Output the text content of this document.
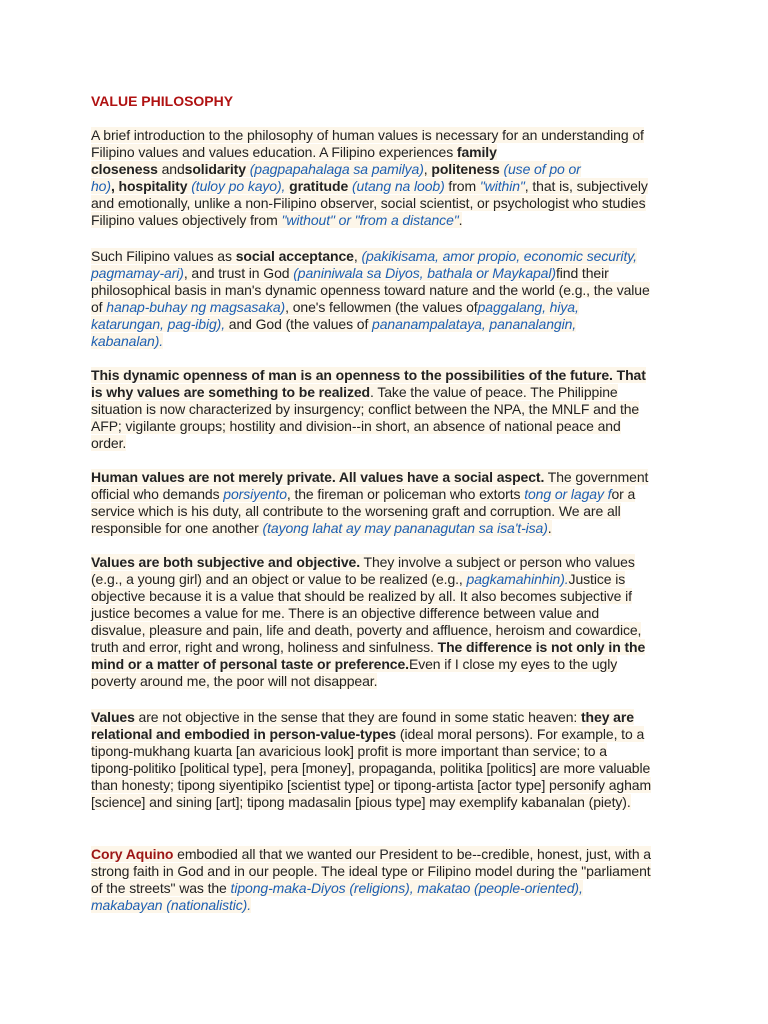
VALUE PHILOSOPHY
A brief introduction to the philosophy of human values is necessary for an understanding of
Filipino values and values education. A Filipino experiences family
closeness andsolidarity (pagpapahalaga sa pamilya), politeness (use of po or
ho), hospitality (tuloy po kayo), gratitude (utang na loob) from "within", that is, subjectively
and emotionally, unlike a non-Filipino observer, social scientist, or psychologist who studies
Filipino values objectively from "without" or "from a distance".
Such Filipino values as social acceptance, (pakikisama, amor propio, economic security,
pagmamay-ari), and trust in God (paniniwala sa Diyos, bathala or Maykapal)find their
philosophical basis in man's dynamic openness toward nature and the world (e.g., the value
of hanap-buhay ng magsasaka), one's fellowmen (the values ofpaggalang, hiya,
katarungan, pag-ibig), and God (the values of pananampalataya, pananalangin,
kabanalan).
This dynamic openness of man is an openness to the possibilities of the future. That
is why values are something to be realized. Take the value of peace. The Philippine
situation is now characterized by insurgency; conflict between the NPA, the MNLF and the
AFP; vigilante groups; hostility and division--in short, an absence of national peace and
order.
Human values are not merely private. All values have a social aspect. The government
official who demands porsiyento, the fireman or policeman who extorts tong or lagay for a
service which is his duty, all contribute to the worsening graft and corruption. We are all
responsible for one another (tayong lahat ay may pananagutan sa isa't-isa).
Values are both subjective and objective. They involve a subject or person who values
(e.g., a young girl) and an object or value to be realized (e.g., pagkamahinhin).Justice is
objective because it is a value that should be realized by all. It also becomes subjective if
justice becomes a value for me. There is an objective difference between value and
disvalue, pleasure and pain, life and death, poverty and affluence, heroism and cowardice,
truth and error, right and wrong, holiness and sinfulness. The difference is not only in the
mind or a matter of personal taste or preference.Even if I close my eyes to the ugly
poverty around me, the poor will not disappear.
Values are not objective in the sense that they are found in some static heaven: they are
relational and embodied in person-value-types (ideal moral persons). For example, to a
tipong-mukhang kuarta [an avaricious look] profit is more important than service; to a
tipong-politiko [political type], pera [money], propaganda, politika [politics] are more valuable
than honesty; tipong siyentipiko [scientist type] or tipong-artista [actor type] personify agham
[science] and sining [art]; tipong madasalin [pious type] may exemplify kabanalan (piety).
Cory Aquino embodied all that we wanted our President to be--credible, honest, just, with a
strong faith in God and in our people. The ideal type or Filipino model during the "parliament
of the streets" was the tipong-maka-Diyos (religions), makatao (people-oriented),
makabayan (nationalistic).
